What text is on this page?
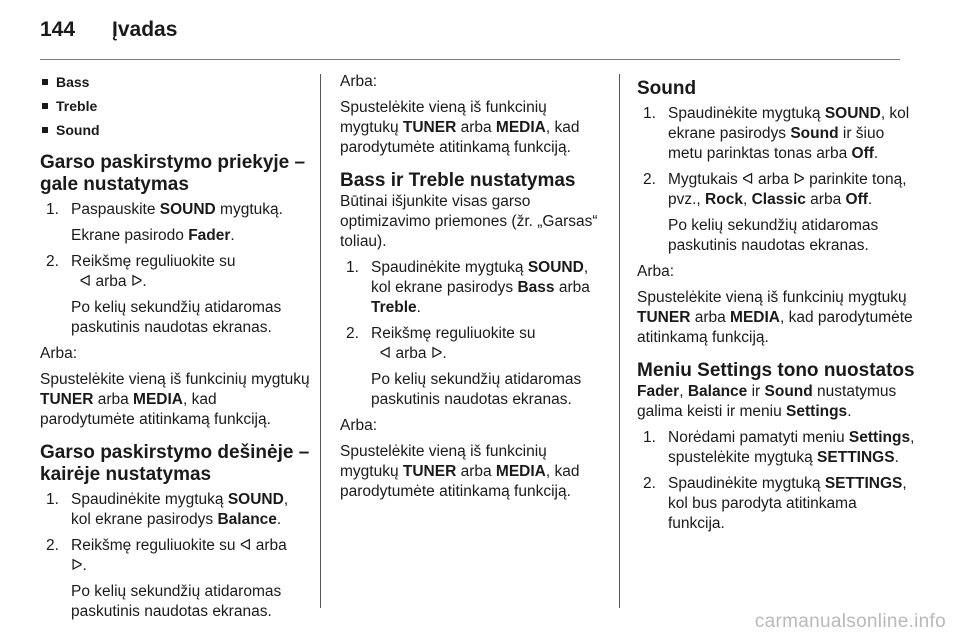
144 Įvadas
Bass
Treble
Sound
Garso paskirstymo priekyje – gale nustatymas
1. Paspauskite SOUND mygtuką.
Ekrane pasirodo Fader.
2. Reikšmę reguliuokite su
ᐊ arba ᐅ.
Po kelių sekundžių atidaromas paskutinis naudotas ekranas.

Arba:

Spustelėkite vieną iš funkcinių mygtukų TUNER arba MEDIA, kad parodytumėte atitinkamą funkciją.

Garso paskirstymo dešinėje – kairėje nustatymas
1. Spaudinėkite mygtuką SOUND, kol ekrane pasirodys Balance.
2. Reikšmę reguliuokite su ᐊ arba
ᐅ.
Po kelių sekundžių atidaromas paskutinis naudotas ekranas.

Arba:

Spustelėkite vieną iš funkcinių mygtukų TUNER arba MEDIA, kad parodytumėte atitinkamą funkciją.

Bass ir Treble nustatymas

Būtinai išjunkite visas garso optimizavimo priemones (žr. „Garsas“ toliau).

1. Spaudinėkite mygtuką SOUND, kol ekrane pasirodys Bass arba Treble.
2. Reikšmę reguliuokite su
ᐊ arba ᐅ.
Po kelių sekundžių atidaromas paskutinis naudotas ekranas.

Arba:

Spustelėkite vieną iš funkcinių mygtukų TUNER arba MEDIA, kad parodytumėte atitinkamą funkciją.

Sound
1. Spaudinėkite mygtuką SOUND, kol ekrane pasirodys Sound ir šiuo metu parinktas tonas arba Off.
2. Mygtukais ᐊ arba ᐅ parinkite toną, pvz., Rock, Classic arba Off.
Po kelių sekundžių atidaromas paskutinis naudotas ekranas.

Arba:

Spustelėkite vieną iš funkcinių mygtukų TUNER arba MEDIA, kad parodytumėte atitinkamą funkciją.

Meniu Settings tono nuostatos

Fader, Balance ir Sound nustatymus galima keisti ir meniu Settings.

1. Norėdami pamatyti meniu Settings, spustelėkite mygtuką SETTINGS.
2. Spaudinėkite mygtuką SETTINGS, kol bus parodyta atitinkama funkcija.
carmanualsonline.info
